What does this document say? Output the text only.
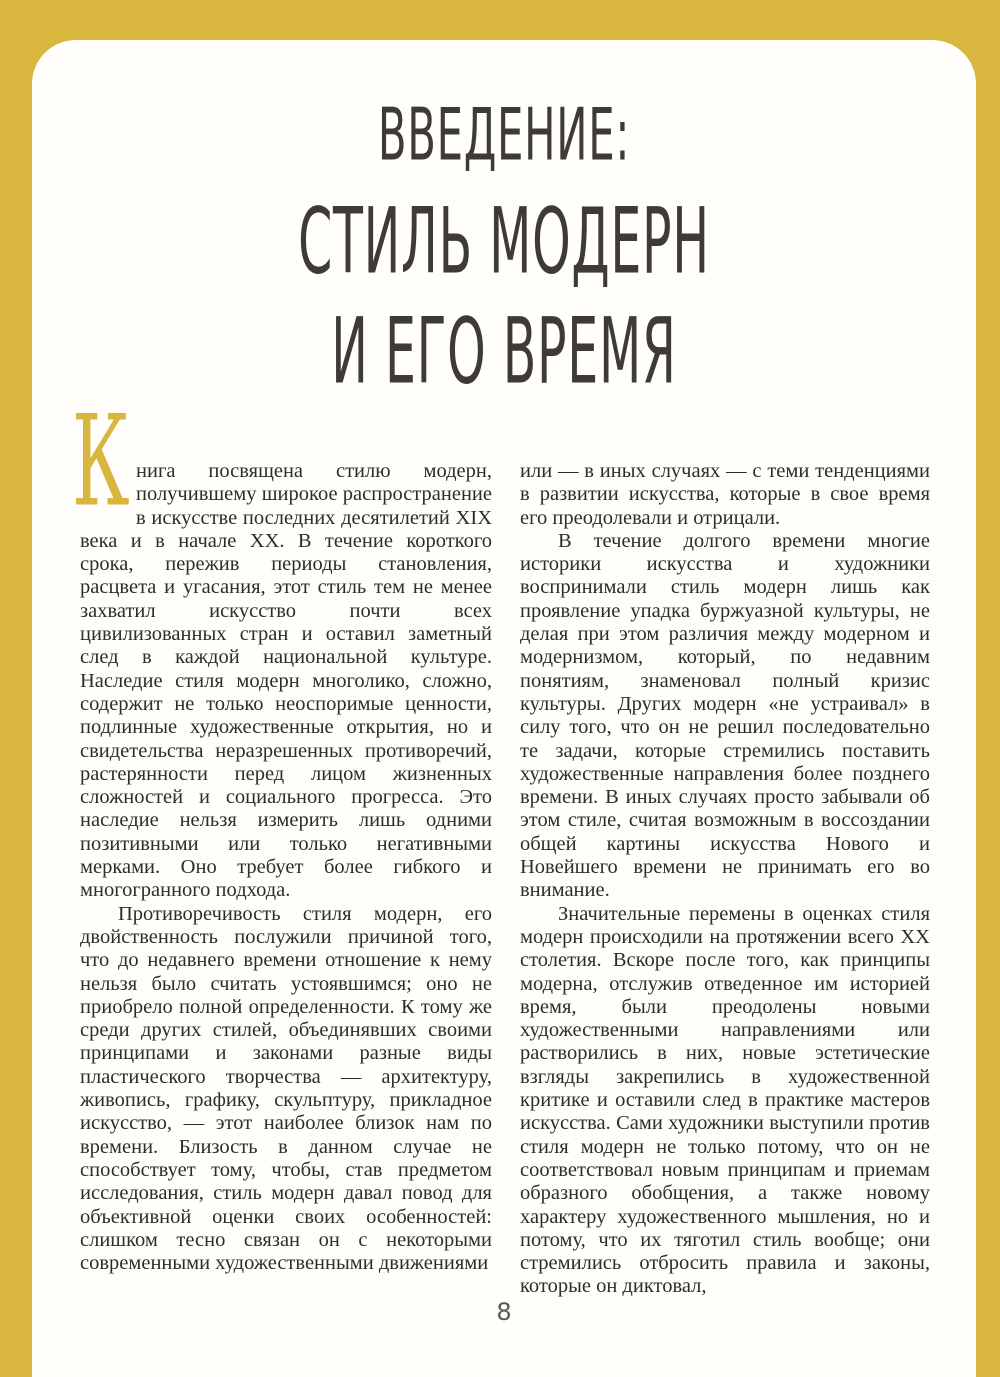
ВВЕДЕНИЕ:
СТИЛЬ МОДЕРН
И ЕГО ВРЕМЯ

Книга посвящена стилю модерн, получившему широкое распространение в искусстве последних десятилетий XIX века и в начале XX. В течение короткого срока, пережив периоды становления, расцвета и угасания, этот стиль тем не менее захватил искусство почти всех цивилизованных стран и оставил заметный след в каждой национальной культуре. Наследие стиля модерн многолико, сложно, содержит не только неоспоримые ценности, подлинные художественные открытия, но и свидетельства неразрешенных противоречий, растерянности перед лицом жизненных сложностей и социального прогресса. Это наследие нельзя измерить лишь одними позитивными или только негативными мерками. Оно требует более гибкого и многогранного подхода.

Противоречивость стиля модерн, его двойственность послужили причиной того, что до недавнего времени отношение к нему нельзя было считать устоявшимся; оно не приобрело полной определенности. К тому же среди других стилей, объединявших своими принципами и законами разные виды пластического творчества — архитектуру, живопись, графику, скульптуру, прикладное искусство, — этот наиболее близок нам по времени. Близость в данном случае не способствует тому, чтобы, став предметом исследования, стиль модерн давал повод для объективной оценки своих особенностей: слишком тесно связан он с некоторыми современными художественными движениями

или — в иных случаях — с теми тенденциями в развитии искусства, которые в свое время его преодолевали и отрицали.

В течение долгого времени многие историки искусства и художники воспринимали стиль модерн лишь как проявление упадка буржуазной культуры, не делая при этом различия между модерном и модернизмом, который, по недавним понятиям, знаменовал полный кризис культуры. Других модерн «не устраивал» в силу того, что он не решил последовательно те задачи, которые стремились поставить художественные направления более позднего времени. В иных случаях просто забывали об этом стиле, считая возможным в воссоздании общей картины искусства Нового и Новейшего времени не принимать его во внимание.

Значительные перемены в оценках стиля модерн происходили на протяжении всего XX столетия. Вскоре после того, как принципы модерна, отслужив отведенное им историей время, были преодолены новыми художественными направлениями или растворились в них, новые эстетические взгляды закрепились в художественной критике и оставили след в практике мастеров искусства. Сами художники выступили против стиля модерн не только потому, что он не соответствовал новым принципам и приемам образного обобщения, а также новому характеру художественного мышления, но и потому, что их тяготил стиль вообще; они стремились отбросить правила и законы, которые он диктовал,

8
